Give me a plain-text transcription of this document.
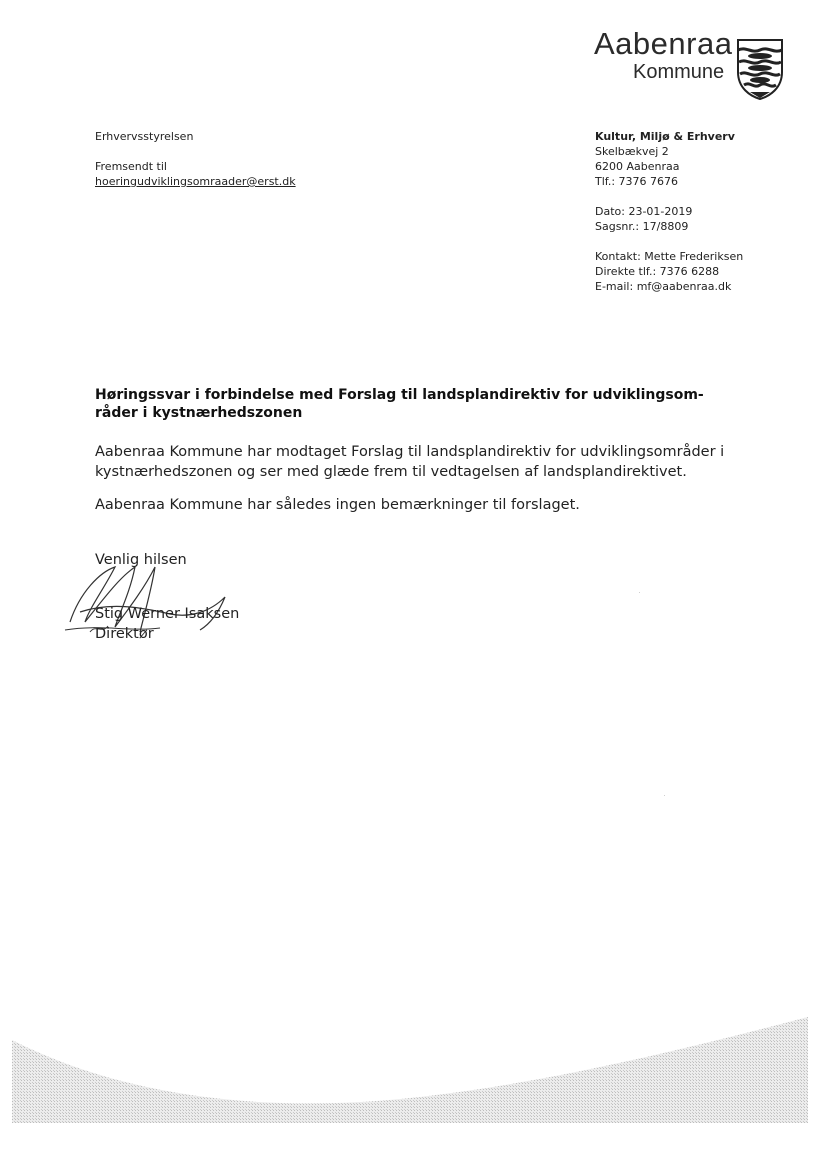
Aabenraa
Kommune
Erhvervsstyrelsen
Fremsendt til
hoeringudviklingsomraader@erst.dk
Kultur, Miljø & Erhverv
Skelbækvej 2
6200 Aabenraa
Tlf.: 7376 7676
Dato: 23-01-2019
Sagsnr.: 17/8809
Kontakt: Mette Frederiksen
Direkte tlf.: 7376 6288
E-mail: mf@aabenraa.dk
Høringssvar i forbindelse med Forslag til landsplandirektiv for udviklingsom-
råder i kystnærhedszonen
Aabenraa Kommune har modtaget Forslag til landsplandirektiv for udviklingsområder i
kystnærhedszonen og ser med glæde frem til vedtagelsen af landsplandirektivet.
Aabenraa Kommune har således ingen bemærkninger til forslaget.
Venlig hilsen
Stig Werner Isaksen
Direktør
